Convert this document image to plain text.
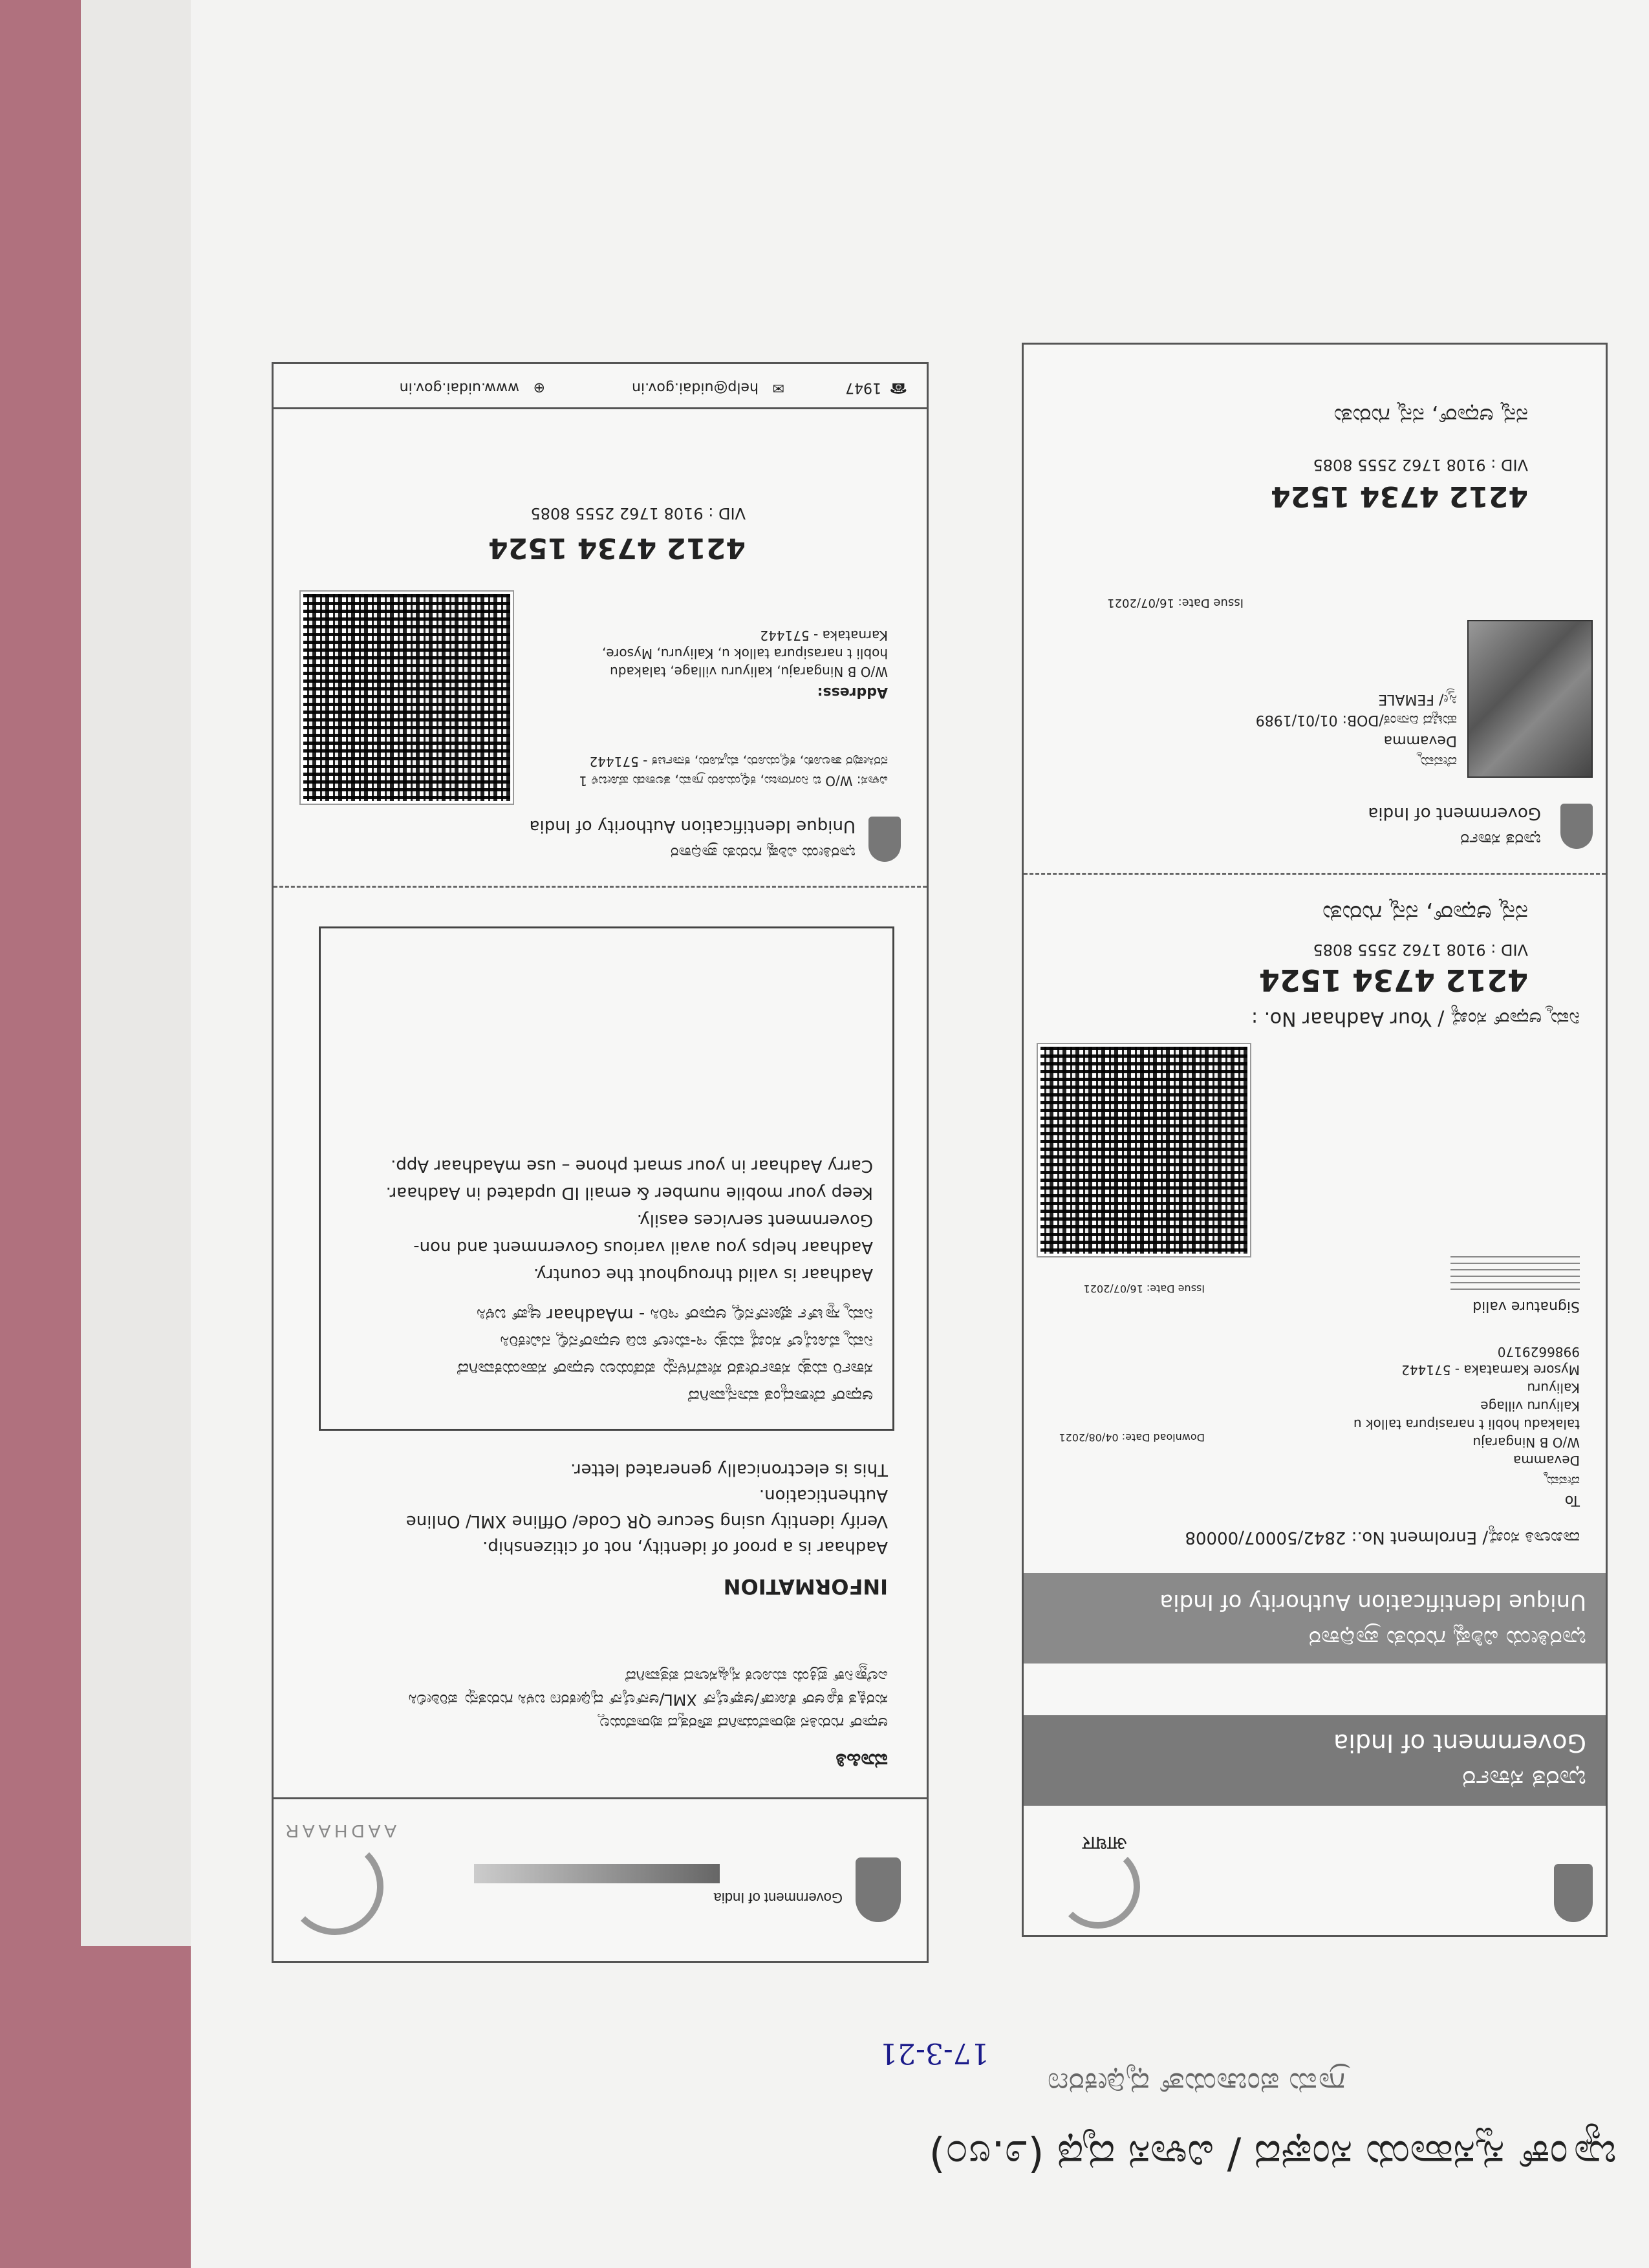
Government of India
AADHAAR
ಮಾಹಿತಿ
ಆಧಾರ್ ಗುರುತಿನ ಪುರಾವೆಯಾಗಿದೆ ಪೌರತ್ವದ ಪುರಾವೆಯಲ್ಲ
ಸುರಕ್ಷಿತ ಕ್ಯೂಆರ್ ಕೋಡ್/ಆಫ್‌ಲೈನ್ XML/ಆನ್‌ಲೈನ್ ದೃಢೀಕರಣ ಬಳಸಿ ಗುರುತನ್ನು ಪರಿಶೀಲಿಸಿ
ಎಲೆಕ್ಟ್ರಾನಿಕ್ ಪ್ರಕ್ರಿಯೆ ಮೂಲಕ ಸೃಷ್ಟಿಸಲಾದ ಪತ್ರವಾಗಿದೆ
INFORMATION
Aadhaar is a proof of identity, not of citizenship.
Verify identity using Secure QR Code/ Offline XML/ Online Authentication.
This is electronically generated letter.
ಆಧಾರ್ ದೇಶಾದ್ಯಂತ ಮಾನ್ಯವಾಗಿದೆ
ಸರ್ಕಾರಿ ಮತ್ತು ಸರ್ಕಾರೇತರ ಸೇವೆಗಳನ್ನು ಪಡೆಯಲು ಆಧಾರ್ ಸಹಾಯಕವಾಗಿದೆ
ನಿಮ್ಮ ಮೊಬೈಲ್ ಸಂಖ್ಯೆ ಮತ್ತು ಇ-ಮೇಲ್ ಐಡಿ ಆಧಾರ್‌ನಲ್ಲಿ ನವೀಕರಿಸಿ
ನಿಮ್ಮ ಸ್ಮಾರ್ಟ್ ಫೋನ್‌ನಲ್ಲಿ ಆಧಾರ್ ಇರಿಸಿ - mAadhaar ಆ್ಯಪ್ ಬಳಸಿ
Aadhaar is valid throughout the country.
Aadhaar helps you avail various Government and non-Government services easily.
Keep your mobile number & email ID updated in Aadhaar.
Carry Aadhaar in your smart phone – use mAadhaar App.
ಭಾರತೀಯ ವಿಶಿಷ್ಟ ಗುರುತು ಪ್ರಾಧಿಕಾರ
Unique Identification Authority of India
ವಿಳಾಸ: W/O ಬಿ ನಿಂಗರಾಜು, ಕಲ್ಲಿಯೂರು ಗ್ರಾಮ, ತಲಕಾಡು ಹೋಬಳಿ 1 ನರಸೀಪುರ ತಾಲೂಕು, ಕಲ್ಲಿಯೂರು, ಮೈಸೂರು, ಕರ್ನಾಟಕ - 571442
Address:
W/O B Ningaraju, kaliyuru village, talakadu
hobli t narasipura tallok u, Kaliyuru, Mysore,
Karnataka - 571442
4212 4734 1524
VID : 9108 1762 2555 8085
☎
1947
✉
help@uidai.gov.in
⊕
www.uidai.gov.in
आधार
ಭಾರತ ಸರ್ಕಾರ
Government of India
ಭಾರತೀಯ ವಿಶಿಷ್ಟ ಗುರುತು ಪ್ರಾಧಿಕಾರ
Unique Identification Authority of India
ದಾಖಲಾತಿ ಸಂಖ್ಯೆ/ Enrolment No.: 2842/50007/00008
To
ದೇವಮ್ಮ
Devamma
W/O B Ningaraju
talakadu hobli t narasipura tallok u
Kaliyuru village
Kaliyuru
Mysore Karnataka - 571442
9986629170
Download Date: 04/08/2021
Signature valid
Issue Date: 16/07/2021
ನಿಮ್ಮ ಆಧಾರ್ ಸಂಖ್ಯೆ / Your Aadhaar No. :
4212 4734 1524
VID : 9108 1762 2555 8085
ನನ್ನ ಆಧಾರ್, ನನ್ನ ಗುರುತು
ಭಾರತ ಸರ್ಕಾರ
Government of India
ದೇವಮ್ಮ
Devamma
ಹುಟ್ಟಿದ ದಿನಾಂಕ/DOB: 01/01/1989
ಸ್ತ್ರೀ/ FEMALE
Issue Date: 16/07/2021
4212 4734 1524
VID : 9108 1762 2555 8085
ನನ್ನ ಆಧಾರ್, ನನ್ನ ಗುರುತು
ಬ್ಯಾಂಕ್ ಸ್ವಸಹಾಯ ಸಂಘದ / ವಿಳಾಸ ದೃಢ (೨.೮೦)
ಗ್ರಾಮ ಪಂಚಾಯತ್ ಧೃಢೀಕರಣ
17-3-21
